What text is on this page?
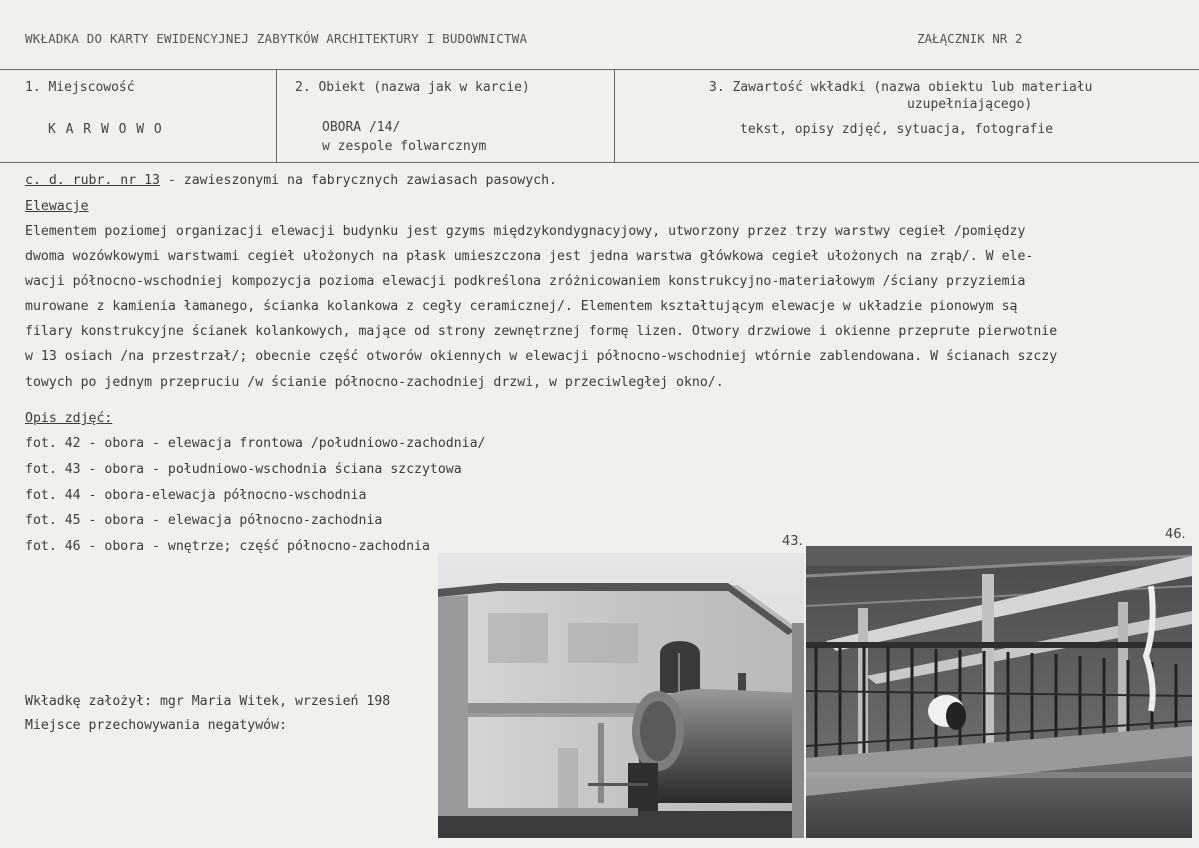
WKŁADKA DO KARTY EWIDENCYJNEJ ZABYTKÓW ARCHITEKTURY I BUDOWNICTWA	ZAŁĄCZNIK NR 2
1. Miejscowość
K A R W O W O
2. Obiekt (nazwa jak w karcie)
OBORA /14/
w zespole folwarcznym
3. Zawartość wkładki (nazwa obiektu lub materiału
uzupełniającego)
tekst, opisy zdjęć, sytuacja, fotografie
c. d. rubr. nr 13 - zawieszonymi na fabrycznych zawiasach pasowych.
Elewacje
Elementem poziomej organizacji elewacji budynku jest gzyms międzykondygnacyjowy, utworzony przez trzy warstwy cegieł /pomiędzy
dwoma wozówkowymi warstwami cegieł ułożonych na płask umieszczona jest jedna warstwa główkowa cegieł ułożonych na zrąb/. W ele-
wacji północno-wschodniej kompozycja pozioma elewacji podkreślona zróżnicowaniem konstrukcyjno-materiałowym /ściany przyziemia
murowane z kamienia łamanego, ścianka kolankowa z cegły ceramicznej/. Elementem kształtującym elewacje w układzie pionowym są
filary konstrukcyjne ścianek kolankowych, mające od strony zewnętrznej formę lizen. Otwory drzwiowe i okienne przeprute pierwotnie
w 13 osiach /na przestrzał/; obecnie część otworów okiennych w elewacji północno-wschodniej wtórnie zablendowana. W ścianach szczy
towych po jednym przepruciu /w ścianie północno-zachodniej drzwi, w przeciwległej okno/.
Opis zdjęć:
fot. 42 - obora - elewacja frontowa /południowo-zachodnia/
fot. 43 - obora - południowo-wschodnia ściana szczytowa
fot. 44 - obora-elewacja północno-wschodnia
fot. 45 - obora - elewacja północno-zachodnia
fot. 46 - obora - wnętrze; część północno-zachodnia
Wkładkę założył: mgr Maria Witek, wrzesień 198
Miejsce przechowywania negatywów:
43.	46.
